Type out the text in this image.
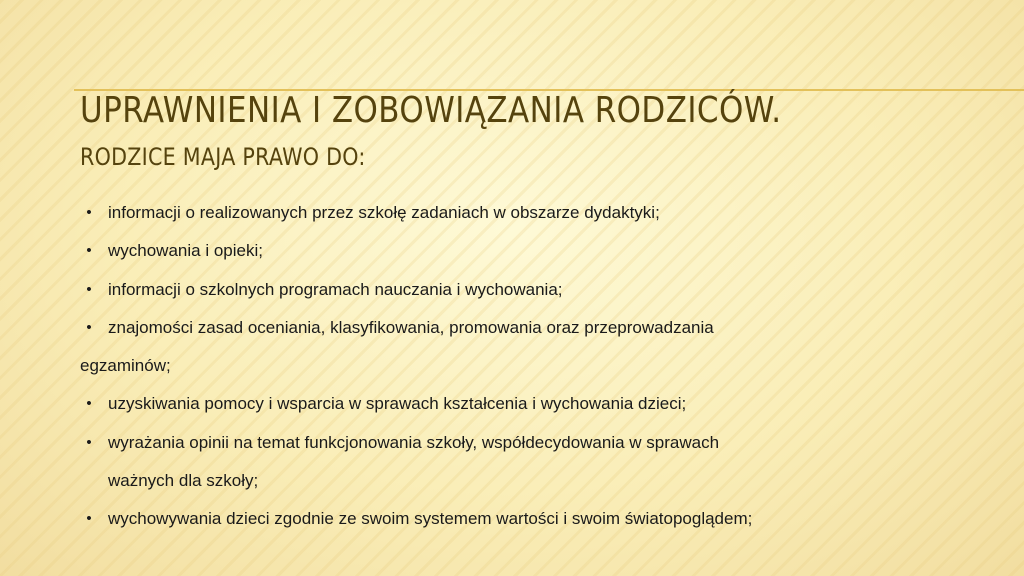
UPRAWNIENIA I ZOBOWIĄZANIA RODZICÓW.
RODZICE MAJA PRAWO DO:
• informacji o realizowanych przez szkołę zadaniach w obszarze dydaktyki;
• wychowania i opieki;
• informacji o szkolnych programach nauczania i wychowania;
• znajomości zasad oceniania, klasyfikowania, promowania oraz przeprowadzania
egzaminów;
• uzyskiwania pomocy i wsparcia w sprawach kształcenia i wychowania dzieci;
• wyrażania opinii na temat funkcjonowania szkoły, współdecydowania w sprawach
ważnych dla szkoły;
• wychowywania dzieci zgodnie ze swoim systemem wartości i swoim światopoglądem;
